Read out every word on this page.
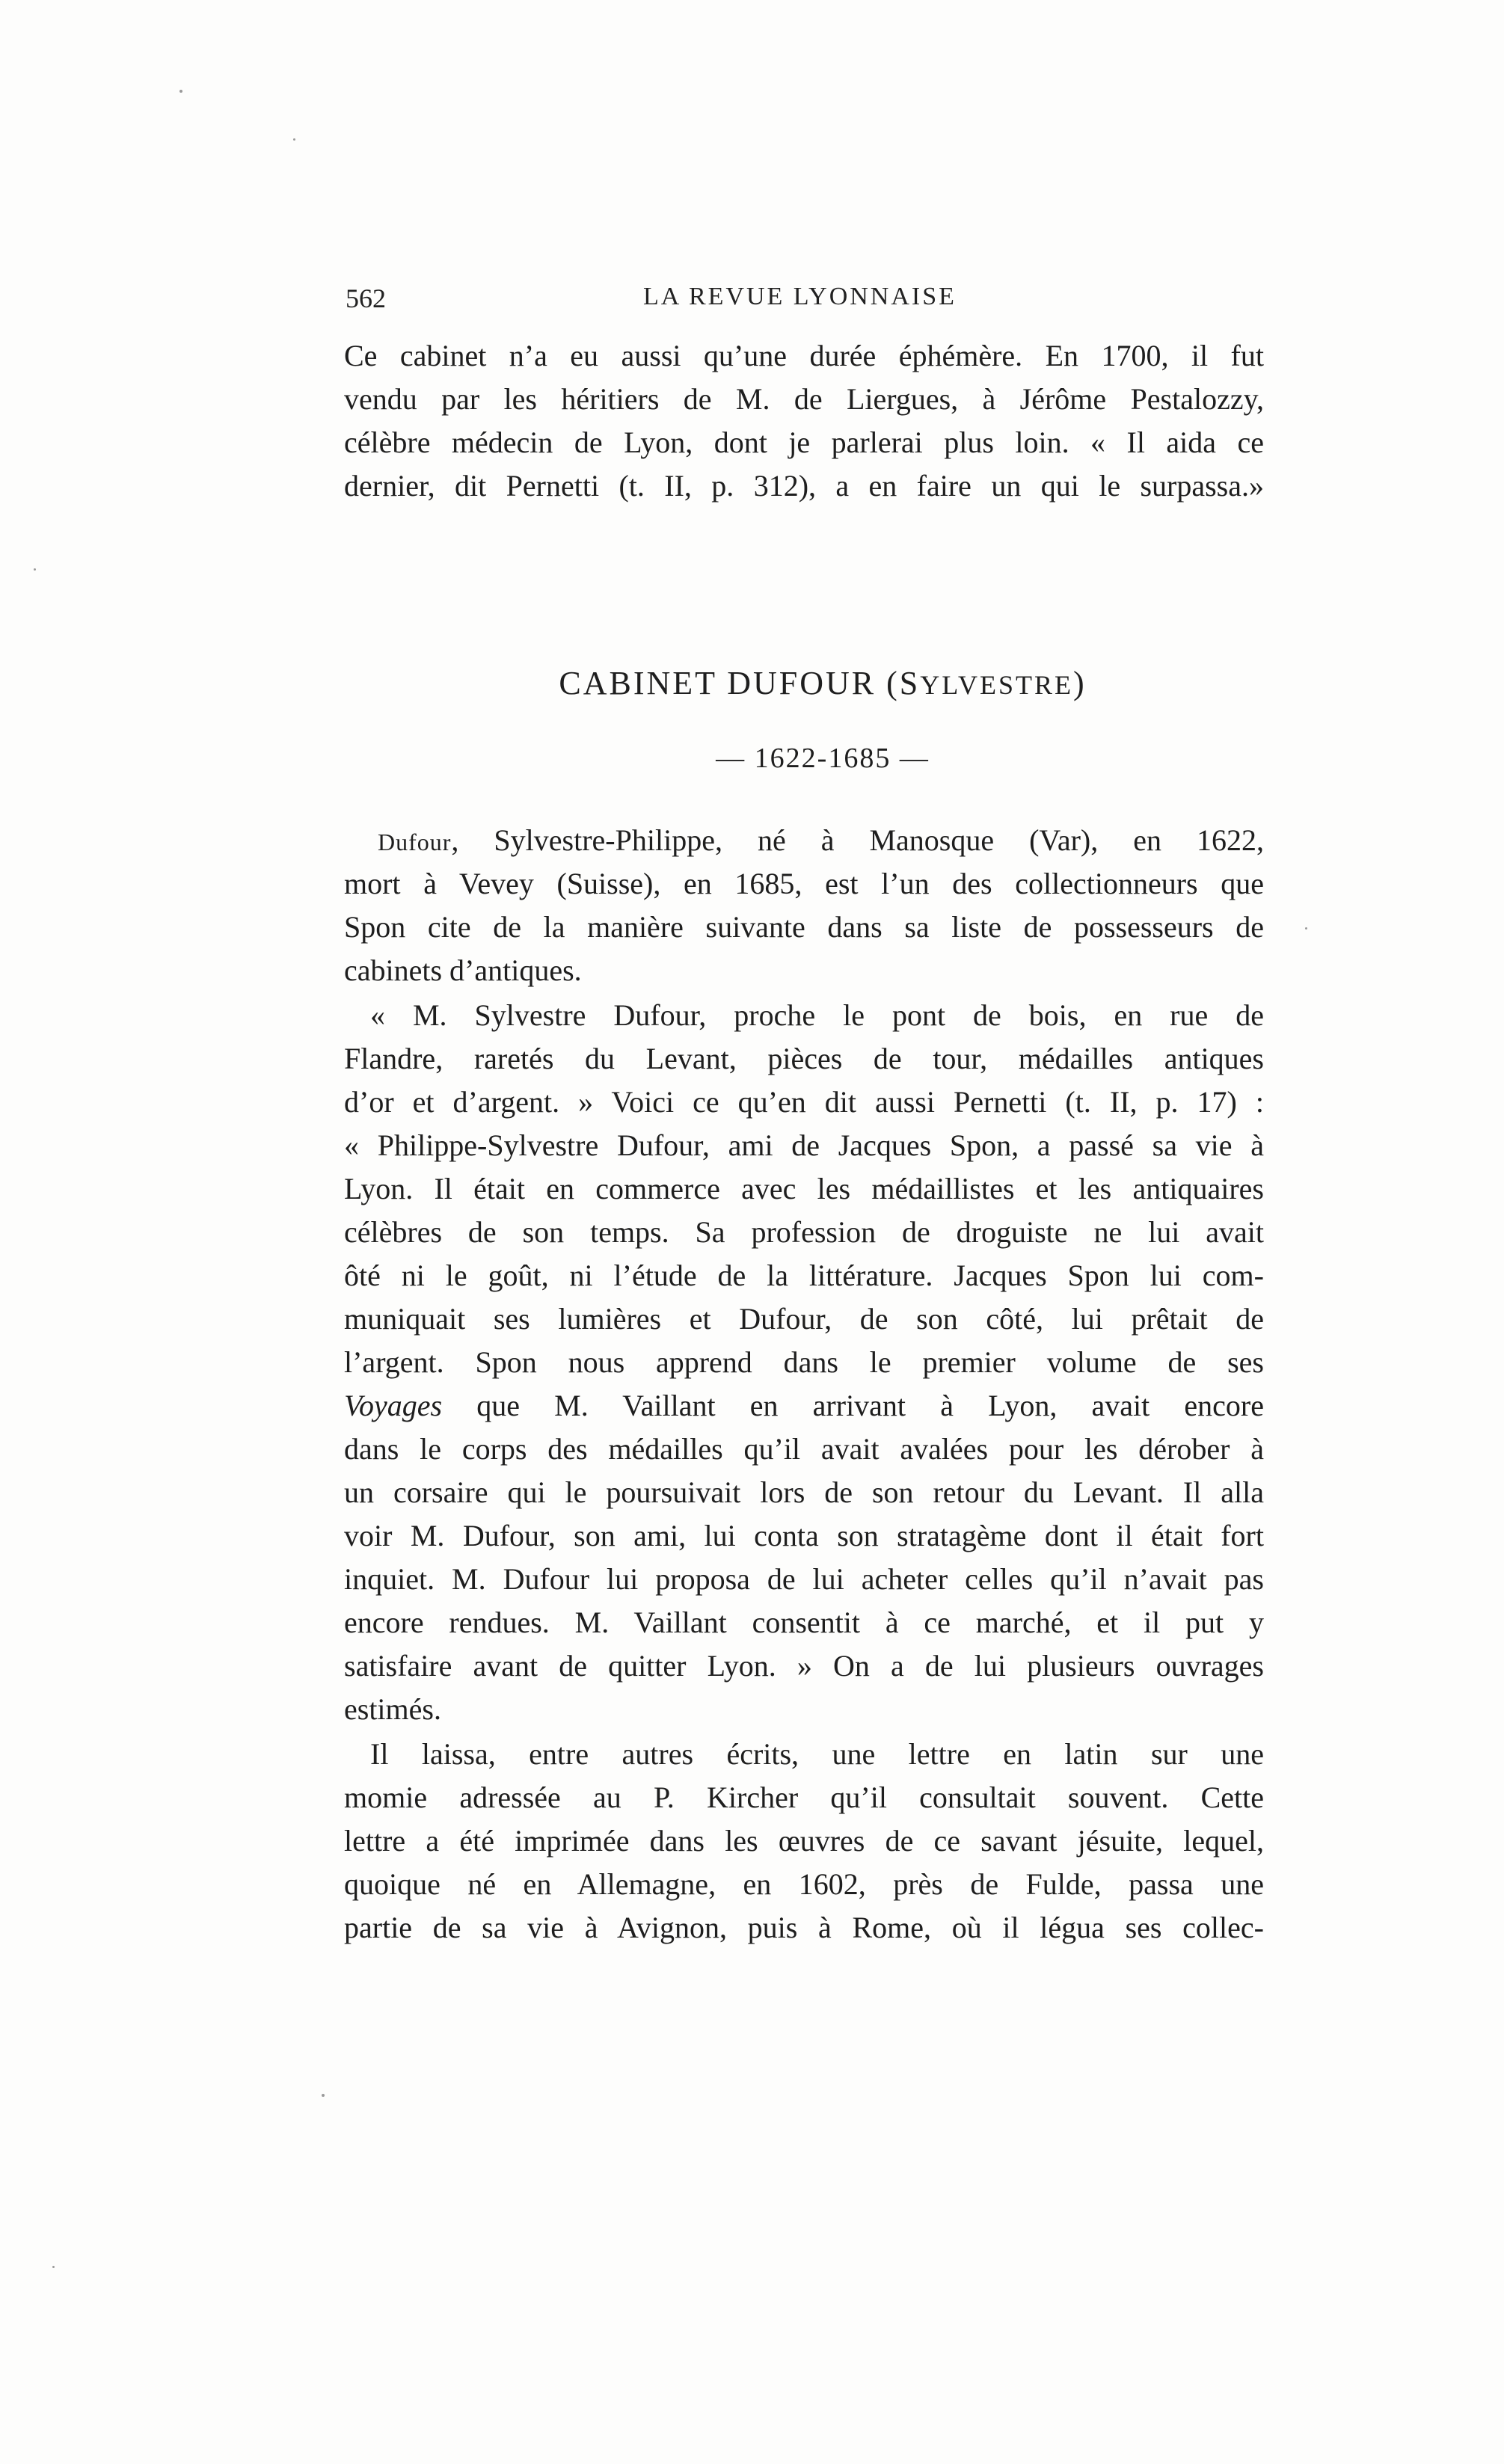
562	LA REVUE LYONNAISE
Ce cabinet n’a eu aussi qu’une durée éphémère. En 1700, il fut
vendu par les héritiers de M. de Liergues, à Jérôme Pestalozzy,
célèbre médecin de Lyon, dont je parlerai plus loin. « Il aida ce
dernier, dit Pernetti (t. II, p. 312), a en faire un qui le surpassa.»
CABINET DUFOUR (SYLVESTRE)
— 1622-1685 —
Dufour, Sylvestre-Philippe, né à Manosque (Var), en 1622,
mort à Vevey (Suisse), en 1685, est l’un des collectionneurs que
Spon cite de la manière suivante dans sa liste de possesseurs de
cabinets d’antiques.
« M. Sylvestre Dufour, proche le pont de bois, en rue de
Flandre, raretés du Levant, pièces de tour, médailles antiques
d’or et d’argent. » Voici ce qu’en dit aussi Pernetti (t. II, p. 17) :
« Philippe-Sylvestre Dufour, ami de Jacques Spon, a passé sa vie à
Lyon. Il était en commerce avec les médaillistes et les antiquaires
célèbres de son temps. Sa profession de droguiste ne lui avait
ôté ni le goût, ni l’étude de la littérature. Jacques Spon lui com-
muniquait ses lumières et Dufour, de son côté, lui prêtait de
l’argent. Spon nous apprend dans le premier volume de ses
Voyages que M. Vaillant en arrivant à Lyon, avait encore
dans le corps des médailles qu’il avait avalées pour les dérober à
un corsaire qui le poursuivait lors de son retour du Levant. Il alla
voir M. Dufour, son ami, lui conta son stratagème dont il était fort
inquiet. M. Dufour lui proposa de lui acheter celles qu’il n’avait pas
encore rendues. M. Vaillant consentit à ce marché, et il put y
satisfaire avant de quitter Lyon. » On a de lui plusieurs ouvrages
estimés.
Il laissa, entre autres écrits, une lettre en latin sur une
momie adressée au P. Kircher qu’il consultait souvent. Cette
lettre a été imprimée dans les œuvres de ce savant jésuite, lequel,
quoique né en Allemagne, en 1602, près de Fulde, passa une
partie de sa vie à Avignon, puis à Rome, où il légua ses collec-
